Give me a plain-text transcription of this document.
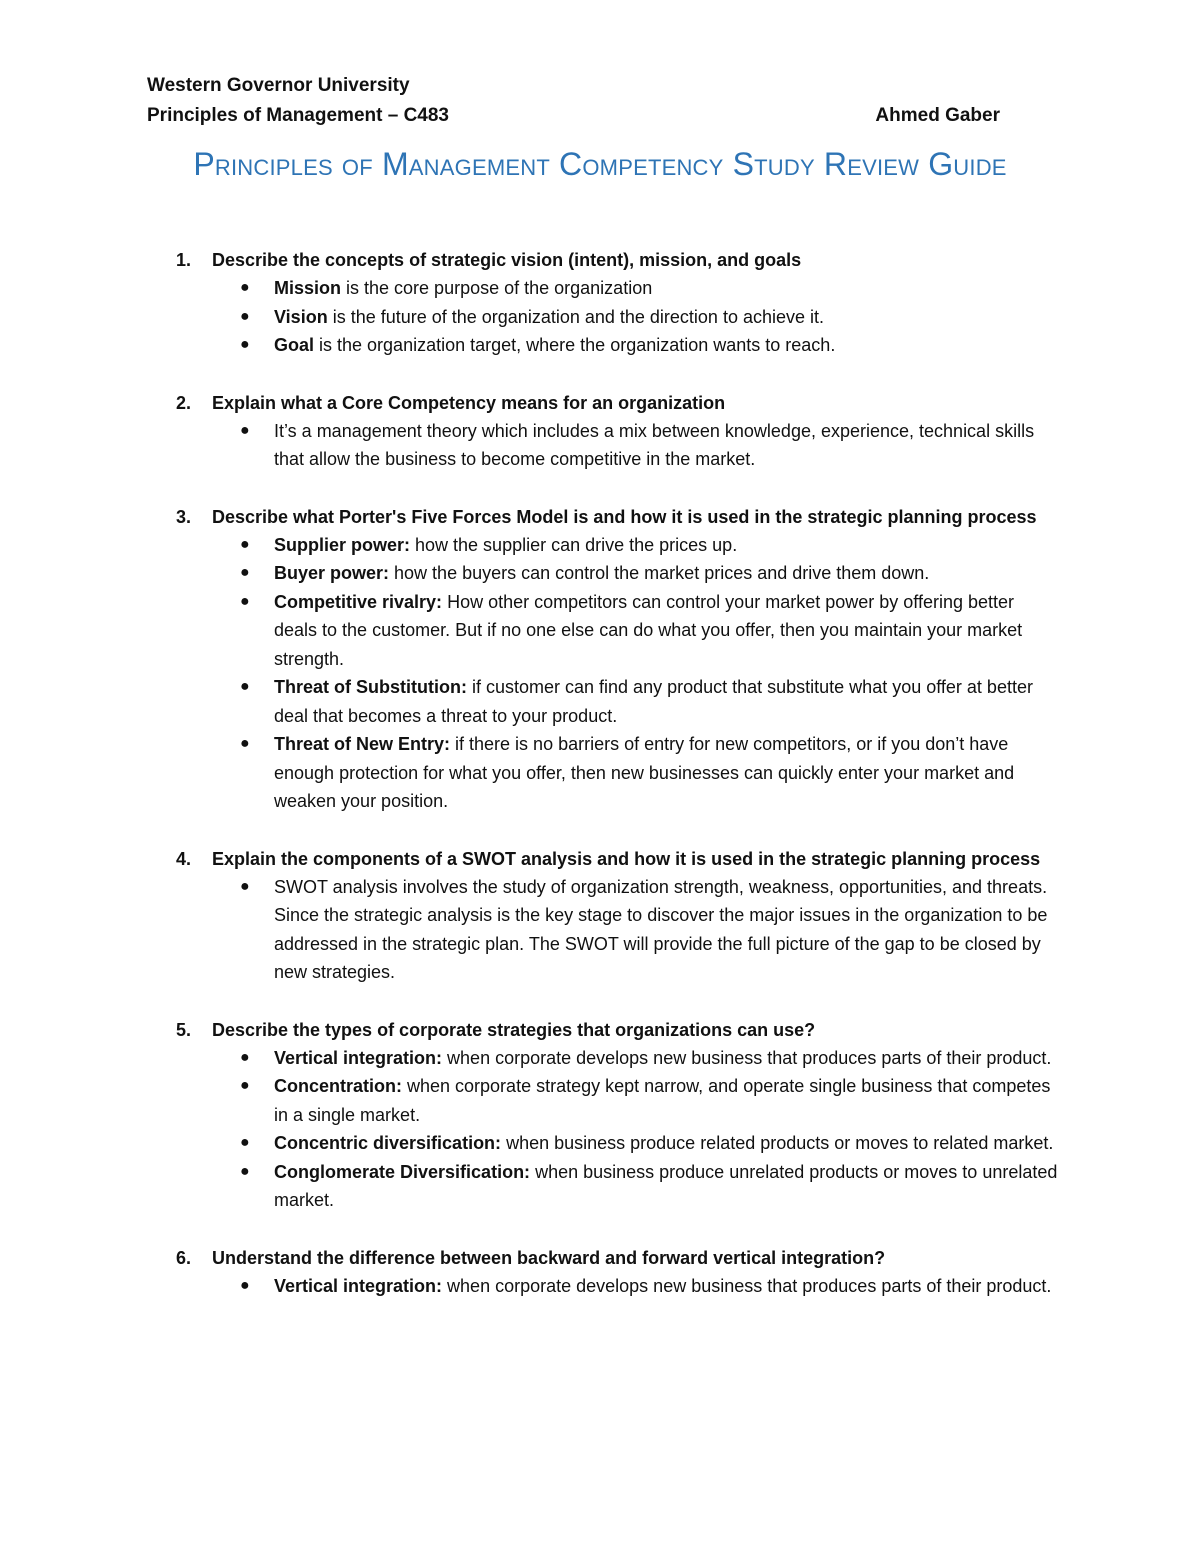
Western Governor University
Principles of Management – C483	Ahmed Gaber
Principles of Management Competency Study Review Guide
1.	Describe the concepts of strategic vision (intent), mission, and goals
● Mission is the core purpose of the organization
● Vision is the future of the organization and the direction to achieve it.
● Goal is the organization target, where the organization wants to reach.
2.	Explain what a Core Competency means for an organization
● It’s a management theory which includes a mix between knowledge, experience, technical skills that allow the business to become competitive in the market.
3.	Describe what Porter's Five Forces Model is and how it is used in the strategic planning process
● Supplier power: how the supplier can drive the prices up.
● Buyer power: how the buyers can control the market prices and drive them down.
● Competitive rivalry: How other competitors can control your market power by offering better deals to the customer. But if no one else can do what you offer, then you maintain your market strength.
● Threat of Substitution: if customer can find any product that substitute what you offer at better deal that becomes a threat to your product.
● Threat of New Entry: if there is no barriers of entry for new competitors, or if you don’t have enough protection for what you offer, then new businesses can quickly enter your market and weaken your position.
4.	Explain the components of a SWOT analysis and how it is used in the strategic planning process
● SWOT analysis involves the study of organization strength, weakness, opportunities, and threats. Since the strategic analysis is the key stage to discover the major issues in the organization to be addressed in the strategic plan. The SWOT will provide the full picture of the gap to be closed by new strategies.
5.	Describe the types of corporate strategies that organizations can use?
● Vertical integration: when corporate develops new business that produces parts of their product.
● Concentration: when corporate strategy kept narrow, and operate single business that competes in a single market.
● Concentric diversification: when business produce related products or moves to related market.
● Conglomerate Diversification: when business produce unrelated products or moves to unrelated market.
6.	Understand the difference between backward and forward vertical integration?
● Vertical integration: when corporate develops new business that produces parts of their product.
